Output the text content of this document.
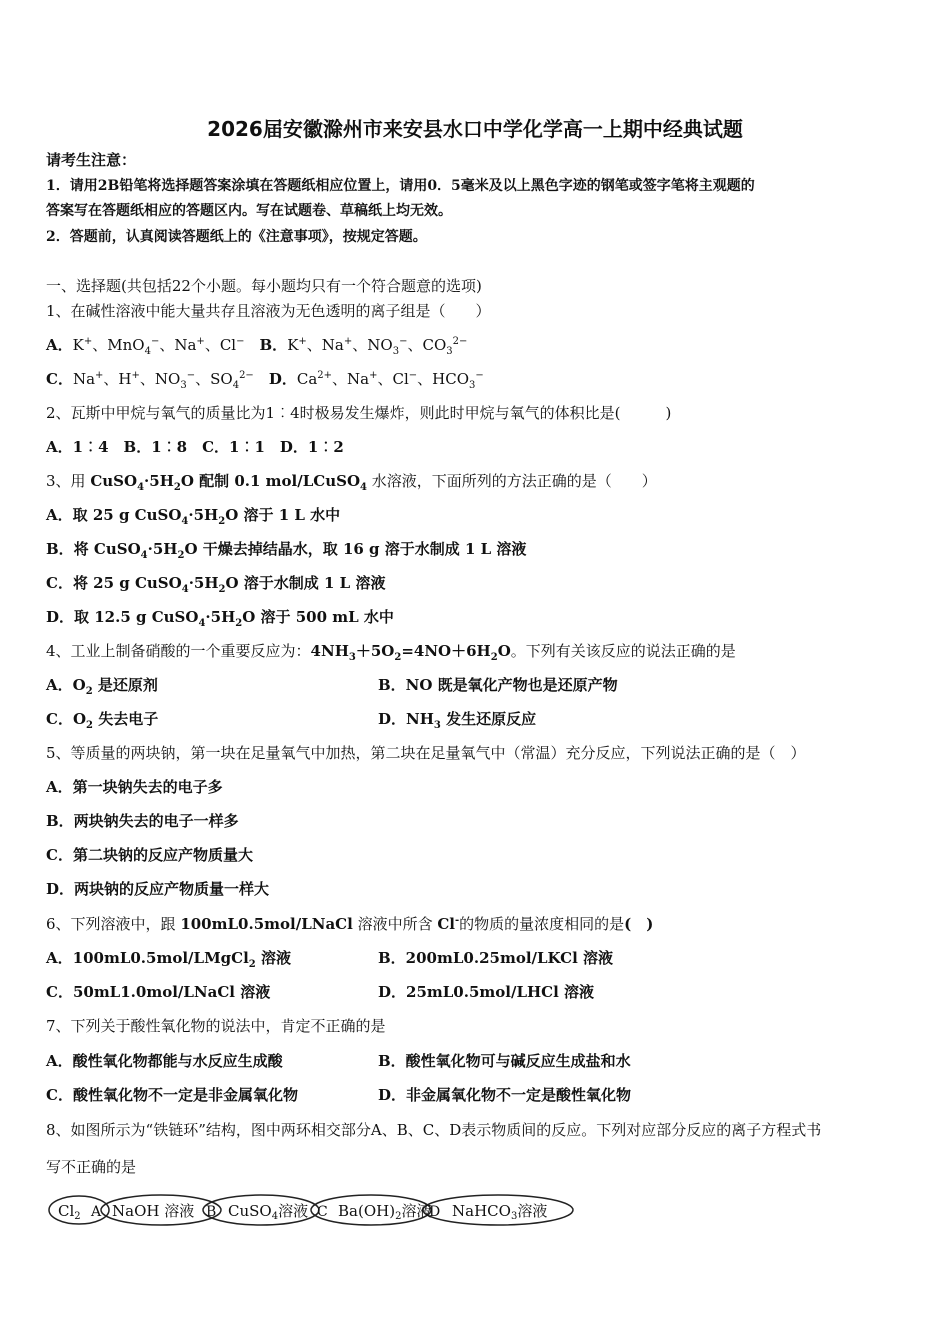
2026届安徽滁州市来安县水口中学化学高一上期中经典试题
请考生注意：
1．请用2B铅笔将选择题答案涂填在答题纸相应位置上，请用0．5毫米及以上黑色字迹的钢笔或签字笔将主观题的
答案写在答题纸相应的答题区内。写在试题卷、草稿纸上均无效。
2．答题前，认真阅读答题纸上的《注意事项》，按规定答题。
一、选择题(共包括22个小题。每小题均只有一个符合题意的选项)
1、在碱性溶液中能大量共存且溶液为无色透明的离子组是（　　）
A．K+、MnO$_4$−、Na+、Cl−　 B．K+、Na+、$NO_3^-$、$CO_3^{2-}$
C．Na+、H+、$NO_3^-$、$SO_4^{2-}$　 D．$Ca^{2+}$、Na+、Cl−、$HCO_3^-$
2、瓦斯中甲烷与氧气的质量比为1︰4时极易发生爆炸，则此时甲烷与氧气的体积比是(　　　)
A．1︰4　B．1︰8　C．1︰1　D．1︰2
3、用 $CuSO_4\cdot 5H_2O$ 配制 0.1 mol/LCuSO$_4$ 水溶液，下面所列的方法正确的是（　　）
A．取 25 g $CuSO_4\cdot 5H_2O$ 溶于 1 L 水中
B．将 $CuSO_4\cdot 5H_2O$ 干燥去掉结晶水，取 16 g 溶于水制成 1 L 溶液
C．将 25 g $CuSO_4\cdot 5H_2O$ 溶于水制成 1 L 溶液
D．取 12.5 g $CuSO_4\cdot 5H_2O$ 溶于 500 mL 水中
4、工业上制备硝酸的一个重要反应为：$4NH_3+5O_2=4NO+6H_2O$。下列有关该反应的说法正确的是
A．$O_2$ 是还原剂	B．NO 既是氧化产物也是还原产物
C．$O_2$ 失去电子	D．$NH_3$ 发生还原反应
5、等质量的两块钠，第一块在足量氧气中加热，第二块在足量氧气中（常温）充分反应，下列说法正确的是（　）
A．第一块钠失去的电子多
B．两块钠失去的电子一样多
C．第二块钠的反应产物质量大
D．两块钠的反应产物质量一样大
6、下列溶液中，跟 100mL0.5mol/LNaCl 溶液中所含 Cl-的物质的量浓度相同的是(　)
A．100mL0.5mol/LMgCl$_2$ 溶液	B．200mL0.25mol/LKCl 溶液
C．50mL1.0mol/LNaCl 溶液	D．25mL0.5mol/LHCl 溶液
7、下列关于酸性氧化物的说法中，肯定不正确的是
A．酸性氧化物都能与水反应生成酸	B．酸性氧化物可与碱反应生成盐和水
C．酸性氧化物不一定是非金属氧化物	D．非金属氧化物不一定是酸性氧化物
8、如图所示为“铁链环”结构，图中两环相交部分A、B、C、D表示物质间的反应。下列对应部分反应的离子方程式书
写不正确的是
$Cl_2$ A NaOH 溶液 B CuSO$_4$溶液 C $Ba(OH)_2$溶液
D NaHCO$_3$溶液
